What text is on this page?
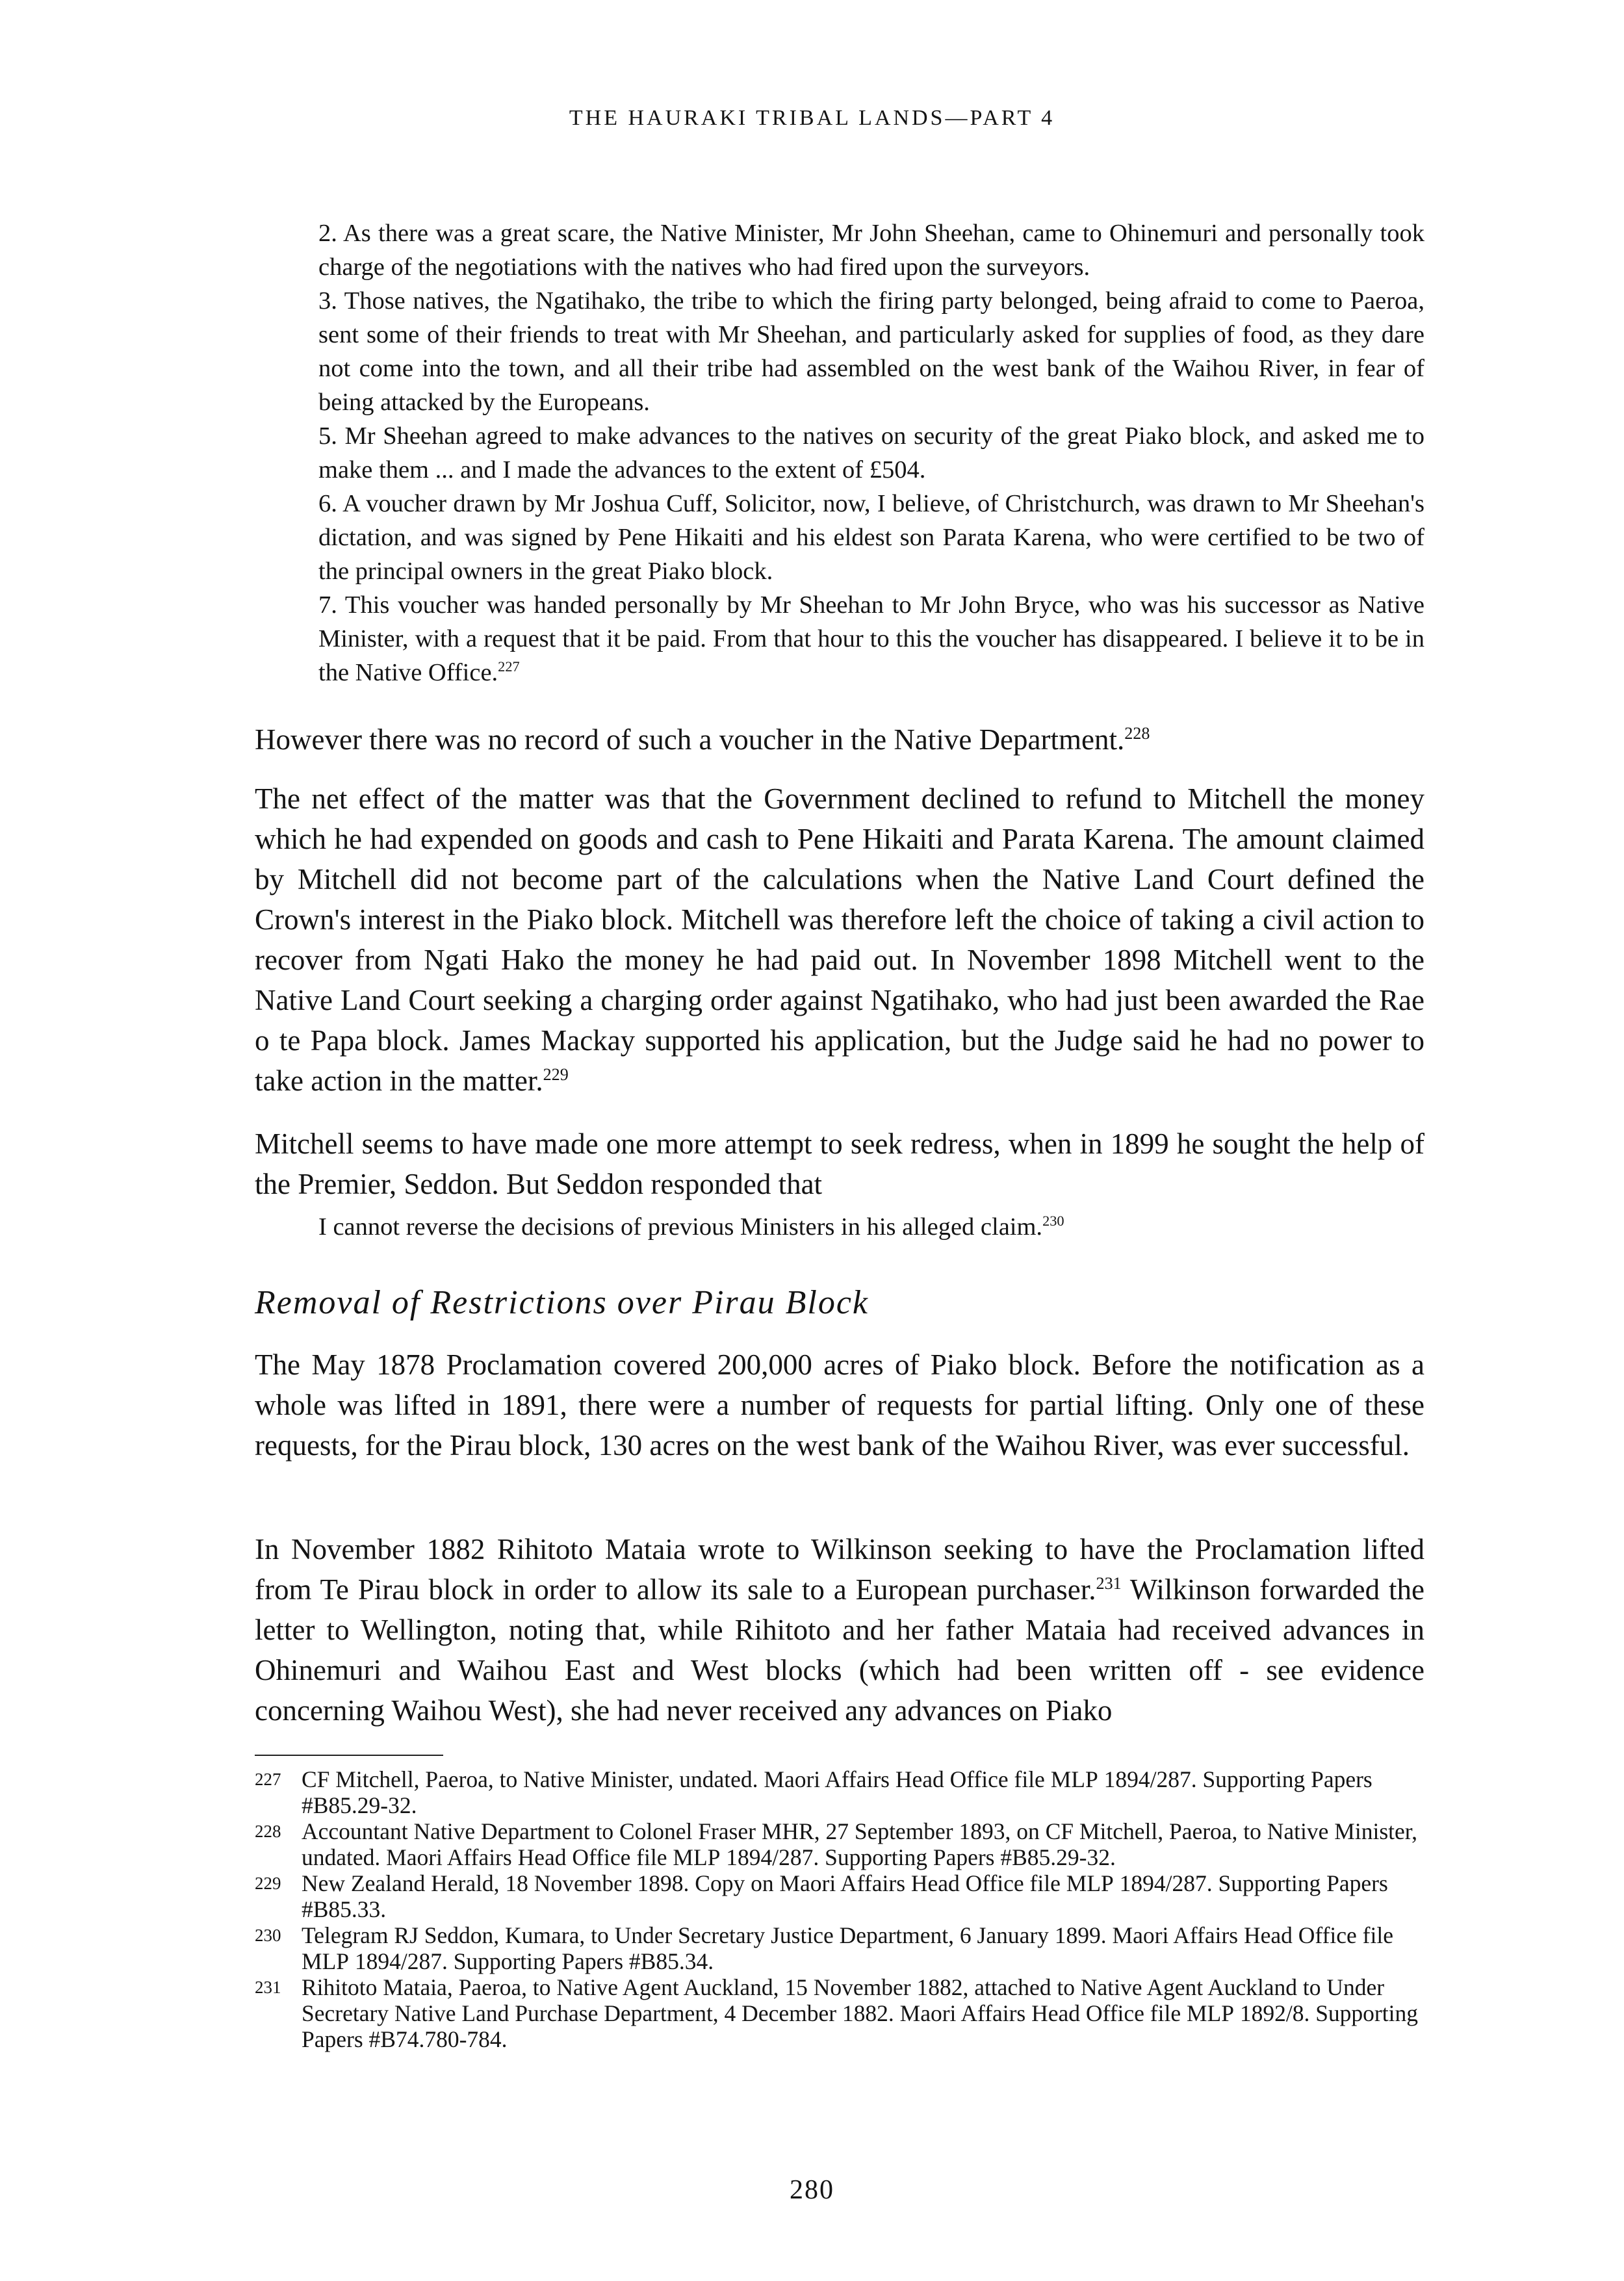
THE HAURAKI TRIBAL LANDS—PART 4

2. As there was a great scare, the Native Minister, Mr John Sheehan, came to Ohinemuri and personally took charge of the negotiations with the natives who had fired upon the surveyors.

3. Those natives, the Ngatihako, the tribe to which the firing party belonged, being afraid to come to Paeroa, sent some of their friends to treat with Mr Sheehan, and particularly asked for supplies of food, as they dare not come into the town, and all their tribe had assembled on the west bank of the Waihou River, in fear of being attacked by the Europeans.

5. Mr Sheehan agreed to make advances to the natives on security of the great Piako block, and asked me to make them ... and I made the advances to the extent of £504.

6. A voucher drawn by Mr Joshua Cuff, Solicitor, now, I believe, of Christchurch, was drawn to Mr Sheehan's dictation, and was signed by Pene Hikaiti and his eldest son Parata Karena, who were certified to be two of the principal owners in the great Piako block.

7. This voucher was handed personally by Mr Sheehan to Mr John Bryce, who was his successor as Native Minister, with a request that it be paid. From that hour to this the voucher has disappeared. I believe it to be in the Native Office.$^{227}$

However there was no record of such a voucher in the Native Department.$^{228}$

The net effect of the matter was that the Government declined to refund to Mitchell the money which he had expended on goods and cash to Pene Hikaiti and Parata Karena. The amount claimed by Mitchell did not become part of the calculations when the Native Land Court defined the Crown's interest in the Piako block. Mitchell was therefore left the choice of taking a civil action to recover from Ngati Hako the money he had paid out. In November 1898 Mitchell went to the Native Land Court seeking a charging order against Ngatihako, who had just been awarded the Rae o te Papa block. James Mackay supported his application, but the Judge said he had no power to take action in the matter.$^{229}$

Mitchell seems to have made one more attempt to seek redress, when in 1899 he sought the help of the Premier, Seddon. But Seddon responded that

I cannot reverse the decisions of previous Ministers in his alleged claim.$^{230}$
Removal of Restrictions over Pirau Block

The May 1878 Proclamation covered 200,000 acres of Piako block. Before the notification as a whole was lifted in 1891, there were a number of requests for partial lifting. Only one of these requests, for the Pirau block, 130 acres on the west bank of the Waihou River, was ever successful.

In November 1882 Rihitoto Mataia wrote to Wilkinson seeking to have the Proclamation lifted from Te Pirau block in order to allow its sale to a European purchaser.$^{231}$ Wilkinson forwarded the letter to Wellington, noting that, while Rihitoto and her father Mataia had received advances in Ohinemuri and Waihou East and West blocks (which had been written off - see evidence concerning Waihou West), she had never received any advances on Piako

227 CF Mitchell, Paeroa, to Native Minister, undated. Maori Affairs Head Office file MLP 1894/287. Supporting Papers #B85.29-32.
228 Accountant Native Department to Colonel Fraser MHR, 27 September 1893, on CF Mitchell, Paeroa, to Native Minister, undated. Maori Affairs Head Office file MLP 1894/287. Supporting Papers #B85.29-32.
229 New Zealand Herald, 18 November 1898. Copy on Maori Affairs Head Office file MLP 1894/287. Supporting Papers #B85.33.
230 Telegram RJ Seddon, Kumara, to Under Secretary Justice Department, 6 January 1899. Maori Affairs Head Office file MLP 1894/287. Supporting Papers #B85.34.
231 Rihitoto Mataia, Paeroa, to Native Agent Auckland, 15 November 1882, attached to Native Agent Auckland to Under Secretary Native Land Purchase Department, 4 December 1882. Maori Affairs Head Office file MLP 1892/8. Supporting Papers #B74.780-784.
280
